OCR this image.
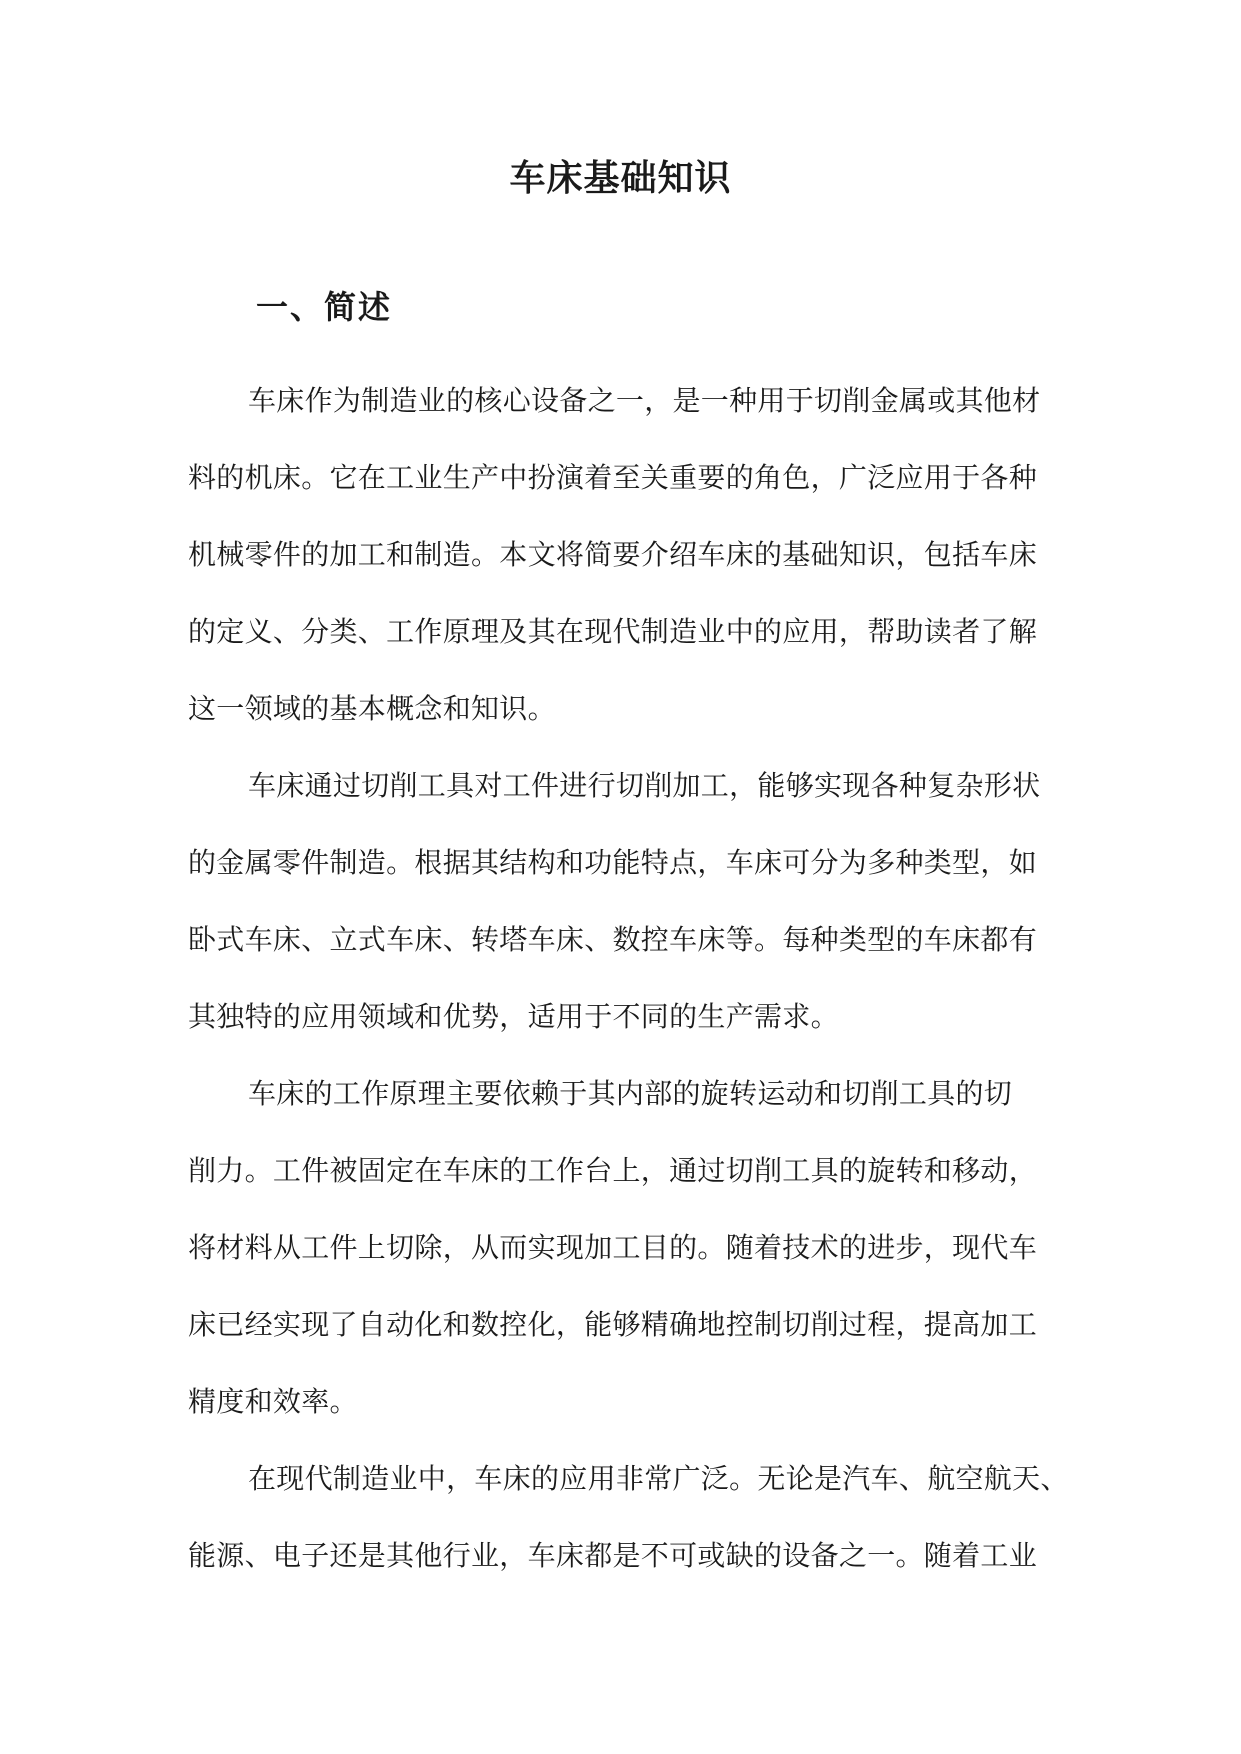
车床基础知识
一、简述

车床作为制造业的核心设备之一，是一种用于切削金属或其他材
料的机床。它在工业生产中扮演着至关重要的角色，广泛应用于各种
机械零件的加工和制造。本文将简要介绍车床的基础知识，包括车床
的定义、分类、工作原理及其在现代制造业中的应用，帮助读者了解
这一领域的基本概念和知识。

车床通过切削工具对工件进行切削加工，能够实现各种复杂形状
的金属零件制造。根据其结构和功能特点，车床可分为多种类型，如
卧式车床、立式车床、转塔车床、数控车床等。每种类型的车床都有
其独特的应用领域和优势，适用于不同的生产需求。

车床的工作原理主要依赖于其内部的旋转运动和切削工具的切
削力。工件被固定在车床的工作台上，通过切削工具的旋转和移动，
将材料从工件上切除，从而实现加工目的。随着技术的进步，现代车
床已经实现了自动化和数控化，能够精确地控制切削过程，提高加工
精度和效率。

在现代制造业中，车床的应用非常广泛。无论是汽车、航空航天、
能源、电子还是其他行业，车床都是不可或缺的设备之一。随着工业
